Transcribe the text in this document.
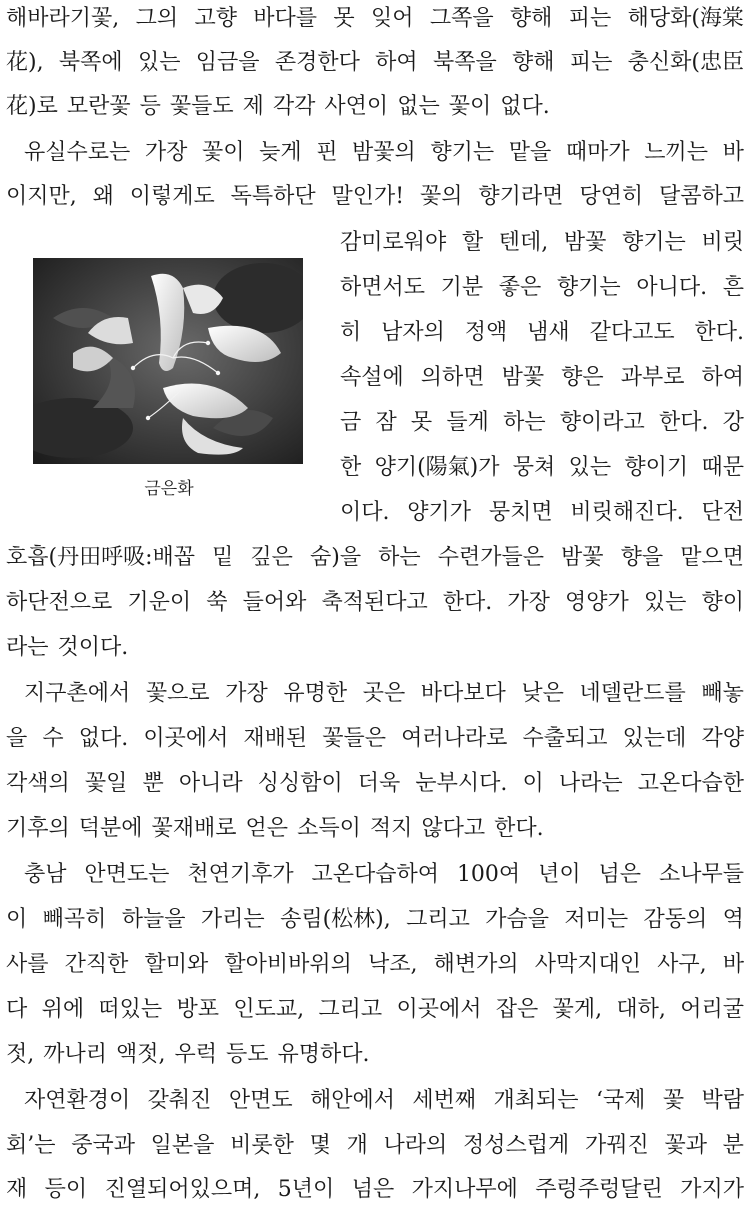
해바라기꽃, 그의 고향 바다를 못 잊어 그쪽을 향해 피는 해당화(海棠
花), 북쪽에 있는 임금을 존경한다 하여 북쪽을 향해 피는 충신화(忠臣
花)로 모란꽃 등 꽃들도 제 각각 사연이 없는 꽃이 없다.
유실수로는 가장 꽃이 늦게 핀 밤꽃의 향기는 맡을 때마가 느끼는 바
이지만, 왜 이렇게도 독특하단 말인가! 꽃의 향기라면 당연히 달콤하고
감미로워야 할 텐데, 밤꽃 향기는 비릿
하면서도 기분 좋은 향기는 아니다. 흔
히 남자의 정액 냄새 같다고도 한다.
속설에 의하면 밤꽃 향은 과부로 하여
금 잠 못 들게 하는 향이라고 한다. 강
한 양기(陽氣)가 뭉쳐 있는 향이기 때문
이다. 양기가 뭉치면 비릿해진다. 단전
호흡(丹田呼吸:배꼽 밑 깊은 숨)을 하는 수련가들은 밤꽃 향을 맡으면
하단전으로 기운이 쑥 들어와 축적된다고 한다. 가장 영양가 있는 향이
라는 것이다.
지구촌에서 꽃으로 가장 유명한 곳은 바다보다 낮은 네델란드를 빼놓
을 수 없다. 이곳에서 재배된 꽃들은 여러나라로 수출되고 있는데 각양
각색의 꽃일 뿐 아니라 싱싱함이 더욱 눈부시다. 이 나라는 고온다습한
기후의 덕분에 꽃재배로 얻은 소득이 적지 않다고 한다.
충남 안면도는 천연기후가 고온다습하여 100여 년이 넘은 소나무들
이 빼곡히 하늘을 가리는 송림(松林), 그리고 가슴을 저미는 감동의 역
사를 간직한 할미와 할아비바위의 낙조, 해변가의 사막지대인 사구, 바
다 위에 떠있는 방포 인도교, 그리고 이곳에서 잡은 꽃게, 대하, 어리굴
젓, 까나리 액젓, 우럭 등도 유명하다.
자연환경이 갖춰진 안면도 해안에서 세번째 개최되는 ‘국제 꽃 박람
회’는 중국과 일본을 비롯한 몇 개 나라의 정성스럽게 가꿔진 꽃과 분
재 등이 진열되어있으며, 5년이 넘은 가지나무에 주렁주렁달린 가지가
금은화
